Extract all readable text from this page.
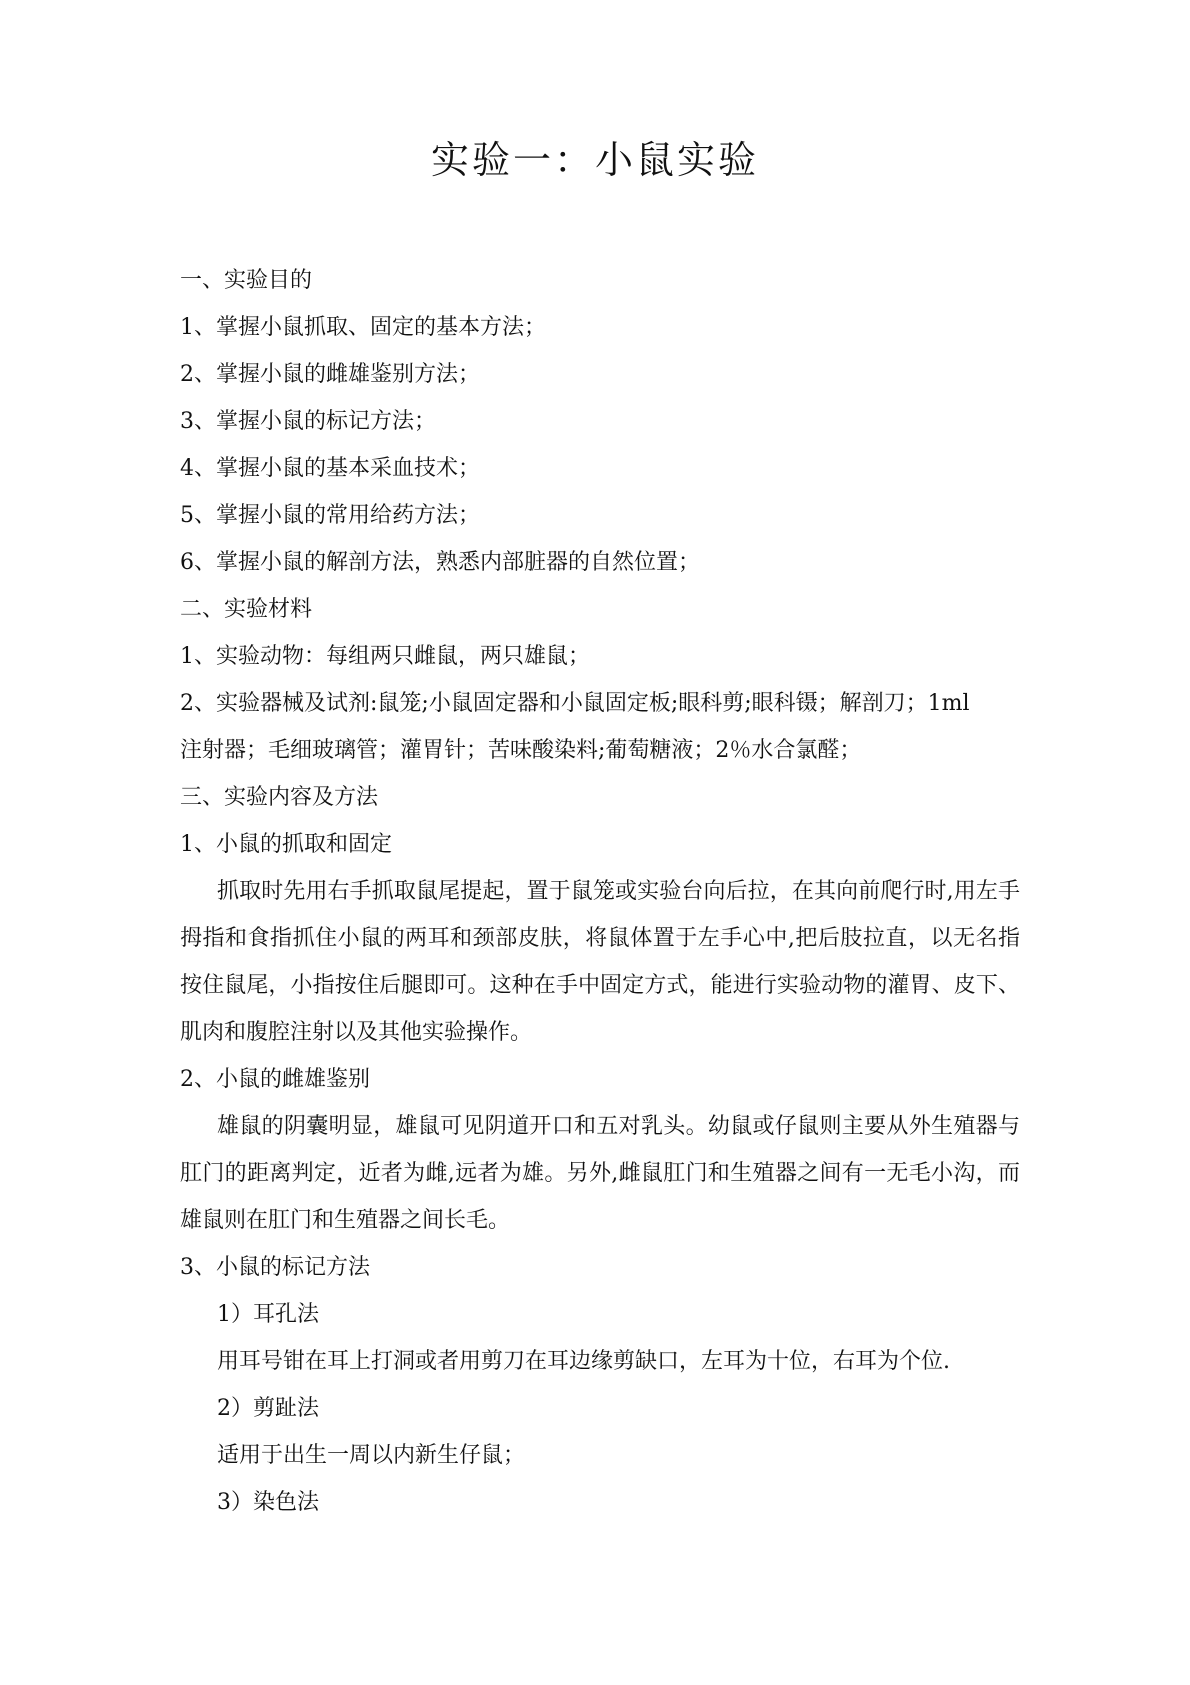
实验一：小鼠实验
一、实验目的
1、掌握小鼠抓取、固定的基本方法；
2、掌握小鼠的雌雄鉴别方法；
3、掌握小鼠的标记方法；
4、掌握小鼠的基本采血技术；
5、掌握小鼠的常用给药方法；
6、掌握小鼠的解剖方法，熟悉内部脏器的自然位置；
二、实验材料
1、实验动物：每组两只雌鼠，两只雄鼠；
2、实验器械及试剂:鼠笼;小鼠固定器和小鼠固定板;眼科剪;眼科镊；解剖刀；1ml
注射器；毛细玻璃管；灌胃针；苦味酸染料;葡萄糖液；2％水合氯醛；
三、实验内容及方法
1、小鼠的抓取和固定

抓取时先用右手抓取鼠尾提起，置于鼠笼或实验台向后拉，在其向前爬行时,用左手拇指和食指抓住小鼠的两耳和颈部皮肤，将鼠体置于左手心中,把后肢拉直，以无名指按住鼠尾，小指按住后腿即可。这种在手中固定方式，能进行实验动物的灌胃、皮下、肌肉和腹腔注射以及其他实验操作。

2、小鼠的雌雄鉴别

雄鼠的阴囊明显，雄鼠可见阴道开口和五对乳头。幼鼠或仔鼠则主要从外生殖器与肛门的距离判定，近者为雌,远者为雄。另外,雌鼠肛门和生殖器之间有一无毛小沟，而雄鼠则在肛门和生殖器之间长毛。

3、小鼠的标记方法
1）耳孔法
用耳号钳在耳上打洞或者用剪刀在耳边缘剪缺口，左耳为十位，右耳为个位.
2）剪趾法
适用于出生一周以内新生仔鼠；
3）染色法
